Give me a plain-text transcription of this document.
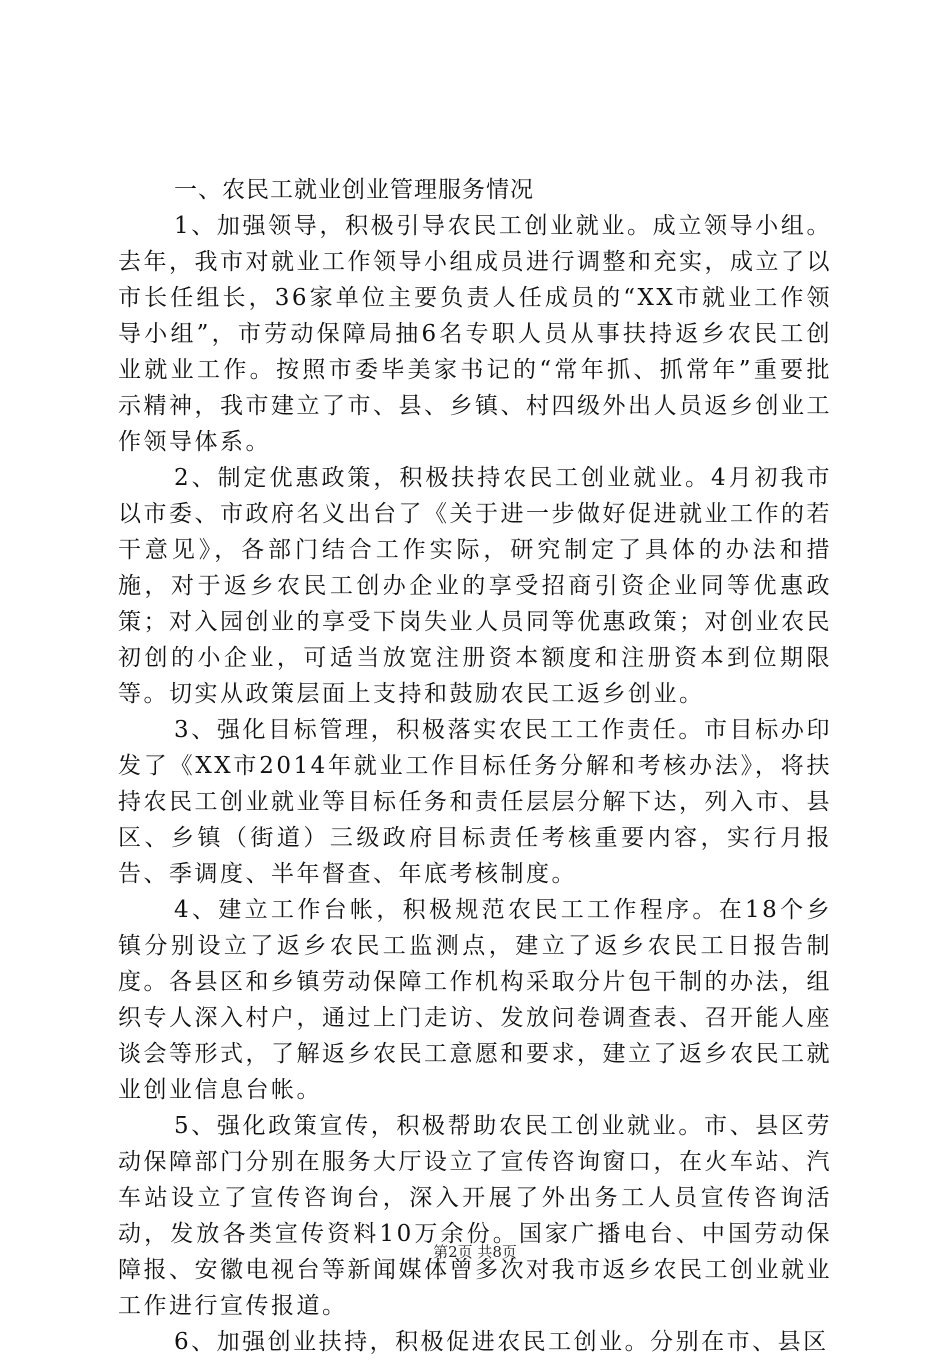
一、农民工就业创业管理服务情况

1、加强领导，积极引导农民工创业就业。成立领导小组。去年，我市对就业工作领导小组成员进行调整和充实，成立了以市长任组长，36家单位主要负责人任成员的“XX市就业工作领导小组”，市劳动保障局抽6名专职人员从事扶持返乡农民工创业就业工作。按照市委毕美家书记的“常年抓、抓常年”重要批示精神，我市建立了市、县、乡镇、村四级外出人员返乡创业工作领导体系。

2、制定优惠政策，积极扶持农民工创业就业。4月初我市以市委、市政府名义出台了《关于进一步做好促进就业工作的若干意见》，各部门结合工作实际，研究制定了具体的办法和措施，对于返乡农民工创办企业的享受招商引资企业同等优惠政策；对入园创业的享受下岗失业人员同等优惠政策；对创业农民初创的小企业，可适当放宽注册资本额度和注册资本到位期限等。切实从政策层面上支持和鼓励农民工返乡创业。

3、强化目标管理，积极落实农民工工作责任。市目标办印发了《XX市2014年就业工作目标任务分解和考核办法》，将扶持农民工创业就业等目标任务和责任层层分解下达，列入市、县区、乡镇（街道）三级政府目标责任考核重要内容，实行月报告、季调度、半年督查、年底考核制度。

4、建立工作台帐，积极规范农民工工作程序。在18个乡镇分别设立了返乡农民工监测点，建立了返乡农民工日报告制度。各县区和乡镇劳动保障工作机构采取分片包干制的办法，组织专人深入村户，通过上门走访、发放问卷调查表、召开能人座谈会等形式，了解返乡农民工意愿和要求，建立了返乡农民工就业创业信息台帐。

5、强化政策宣传，积极帮助农民工创业就业。市、县区劳动保障部门分别在服务大厅设立了宣传咨询窗口，在火车站、汽车站设立了宣传咨询台，深入开展了外出务工人员宣传咨询活动，发放各类宣传资料10万余份。国家广播电台、中国劳动保障报、安徽电视台等新闻媒体曾多次对我市返乡农民工创业就业工作进行宣传报道。

6、加强创业扶持，积极促进农民工创业。分别在市、县区

第2页 共8页
